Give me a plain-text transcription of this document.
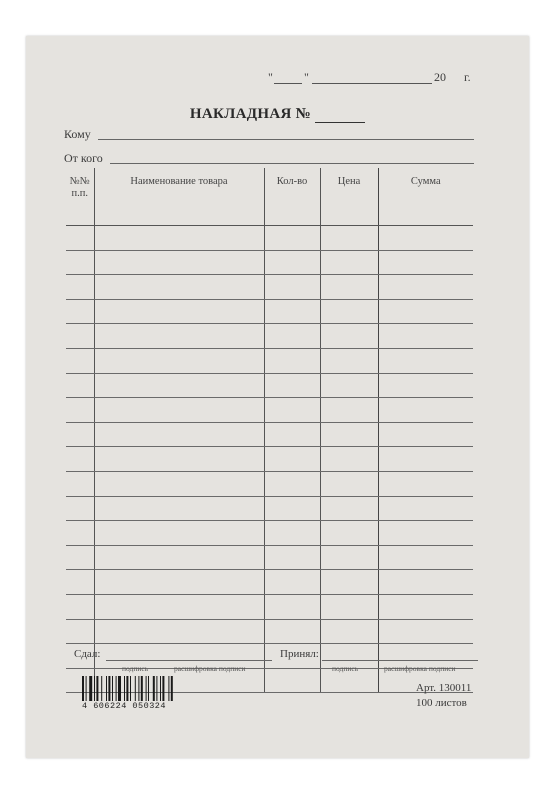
"	"	20 г.
НАКЛАДНАЯ №
Кому
От кого
№№
п.п.	Наименование товара	Кол-во	Цена	Сумма

Сдал:
подпись	расшифровка подписи
Принял:
подпись	расшифровка подписи
4 606224 050324
Арт. 130011
100 листов
